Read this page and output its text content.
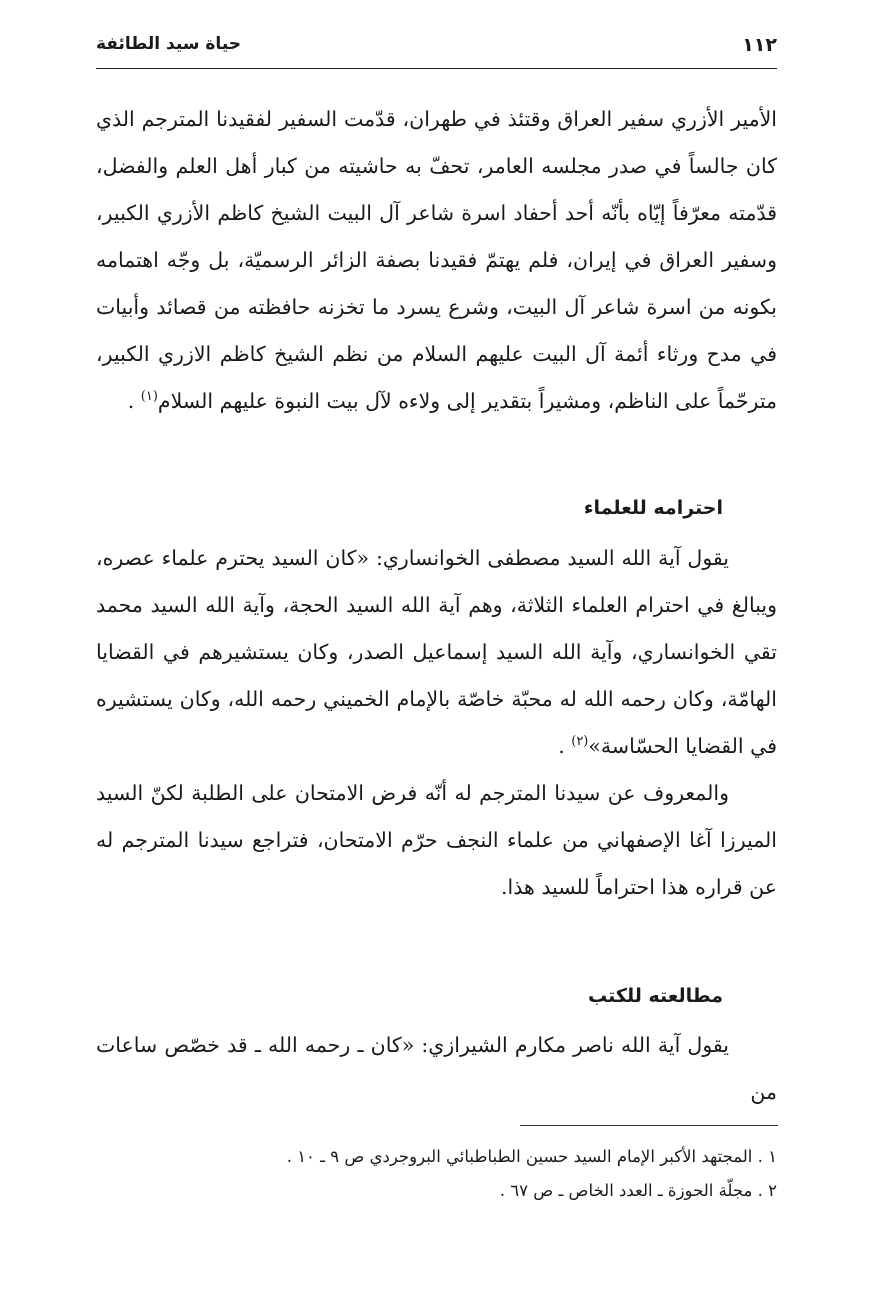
١١٢
حياة سيد الطائفة

الأمير الأزري سفير العراق وقتئذ في طهران، قدّمت السفير لفقيدنا المترجم الذي كان جالساً في صدر مجلسه العامر، تحفّ به حاشيته من كبار أهل العلم والفضل، قدّمته معرّفاً إيّاه بأنّه أحد أحفاد اسرة شاعر آل البيت الشيخ كاظم الأزري الكبير، وسفير العراق في إيران، فلم يهتمّ فقيدنا بصفة الزائر الرسميّة، بل وجّه اهتمامه بكونه من اسرة شاعر آل البيت، وشرع يسرد ما تخزنه حافظته من قصائد وأبيات في مدح ورثاء أئمة آل البيت عليهم السلام من نظم الشيخ كاظم الازري الكبير، مترحّماً على الناظم، ومشيراً بتقدير إلى ولاءه لآل بيت النبوة عليهم السلام$^{(١)}$ .

احترامه للعلماء

يقول آية الله السيد مصطفى الخوانساري: «كان السيد يحترم علماء عصره، ويبالغ في احترام العلماء الثلاثة، وهم آية الله السيد الحجة، وآية الله السيد محمد تقي الخوانساري، وآية الله السيد إسماعيل الصدر، وكان يستشيرهم في القضايا الهامّة، وكان رحمه الله له محبّة خاصّة بالإمام الخميني رحمه الله، وكان يستشيره في القضايا الحسّاسة»$^{(٢)}$ .

والمعروف عن سيدنا المترجم له أنّه فرض الامتحان على الطلبة لكنّ السيد الميرزا آغا الإصفهاني من علماء النجف حرّم الامتحان، فتراجع سيدنا المترجم له عن قراره هذا احتراماً للسيد هذا.

مطالعته للكتب

يقول آية الله ناصر مكارم الشيرازي: «كان ـ رحمه الله ـ قد خصّص ساعات من

١ . المجتهد الأكبر الإمام السيد حسين الطباطبائي البروجردي ص ٩ ـ ١٠ .

٢ . مجلّة الحوزة ـ العدد الخاص ـ ص ٦٧ .
